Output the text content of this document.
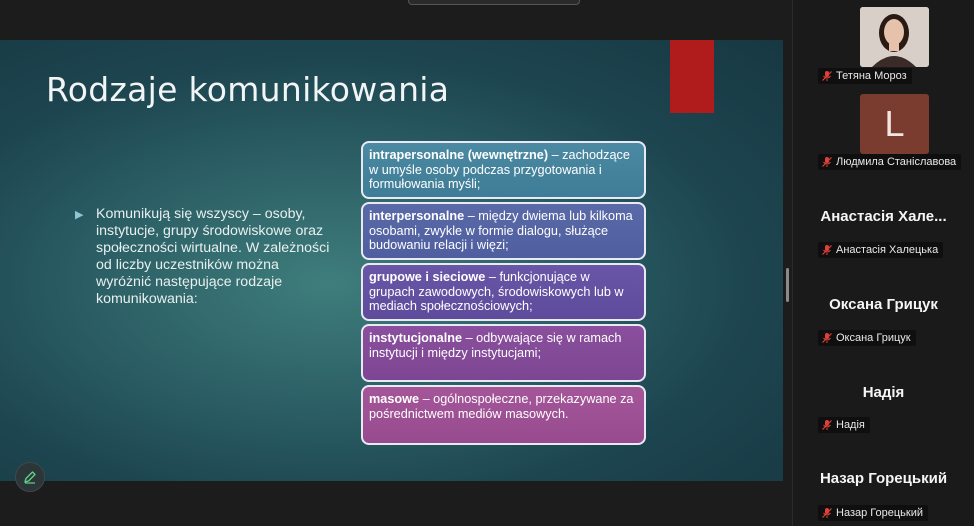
Rodzaje komunikowania
▶ Komunikują się wszyscy – osoby, instytucje, grupy środowiskowe oraz społeczności wirtualne. W zależności od liczby uczestników można wyróżnić następujące rodzaje komunikowania:
intrapersonalne (wewnętrzne) – zachodzące w umyśle osoby podczas przygotowania i formułowania myśli;
interpersonalne – między dwiema lub kilkoma osobami, zwykle w formie dialogu, służące budowaniu relacji i więzi;
grupowe i sieciowe – funkcjonujące w grupach zawodowych, środowiskowych lub w mediach społecznościowych;
instytucjonalne – odbywające się w ramach instytucji i między instytucjami;
masowe – ogólnospołeczne, przekazywane za pośrednictwem mediów masowych.
Тетяна Мороз
L
Людмила Станіславова
Анастасія Хале...
Анастасія Халецька
Оксана Грицук
Оксана Грицук
Надія
Надія
Назар Горецький
Назар Горецький
